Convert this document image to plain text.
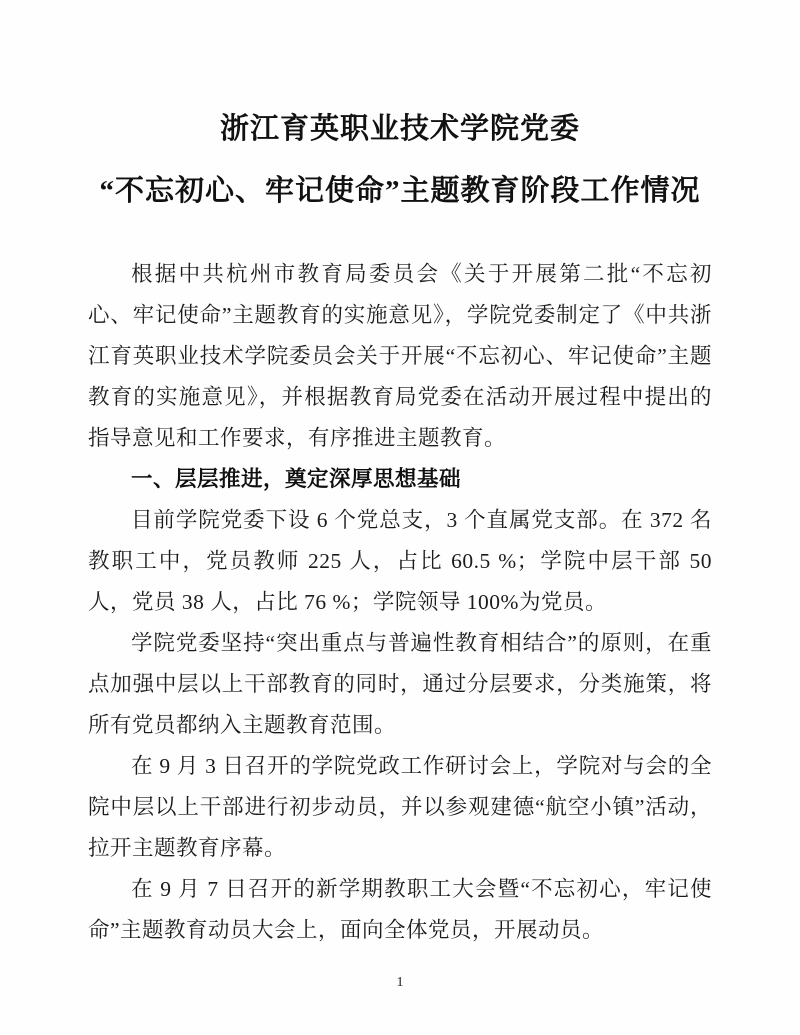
浙江育英职业技术学院党委
“不忘初心、牢记使命”主题教育阶段工作情况

根据中共杭州市教育局委员会《关于开展第二批“不忘初心、牢记使命”主题教育的实施意见》，学院党委制定了《中共浙江育英职业技术学院委员会关于开展“不忘初心、牢记使命”主题教育的实施意见》，并根据教育局党委在活动开展过程中提出的指导意见和工作要求，有序推进主题教育。

一、层层推进，奠定深厚思想基础

目前学院党委下设 6 个党总支，3 个直属党支部。在 372 名教职工中，党员教师 225 人，占比 60.5 %；学院中层干部 50 人，党员 38 人，占比 76 %；学院领导 100%为党员。

学院党委坚持“突出重点与普遍性教育相结合”的原则，在重点加强中层以上干部教育的同时，通过分层要求，分类施策，将所有党员都纳入主题教育范围。

在 9 月 3 日召开的学院党政工作研讨会上，学院对与会的全院中层以上干部进行初步动员，并以参观建德“航空小镇”活动，拉开主题教育序幕。

在 9 月 7 日召开的新学期教职工大会暨“不忘初心，牢记使命”主题教育动员大会上，面向全体党员，开展动员。

1
